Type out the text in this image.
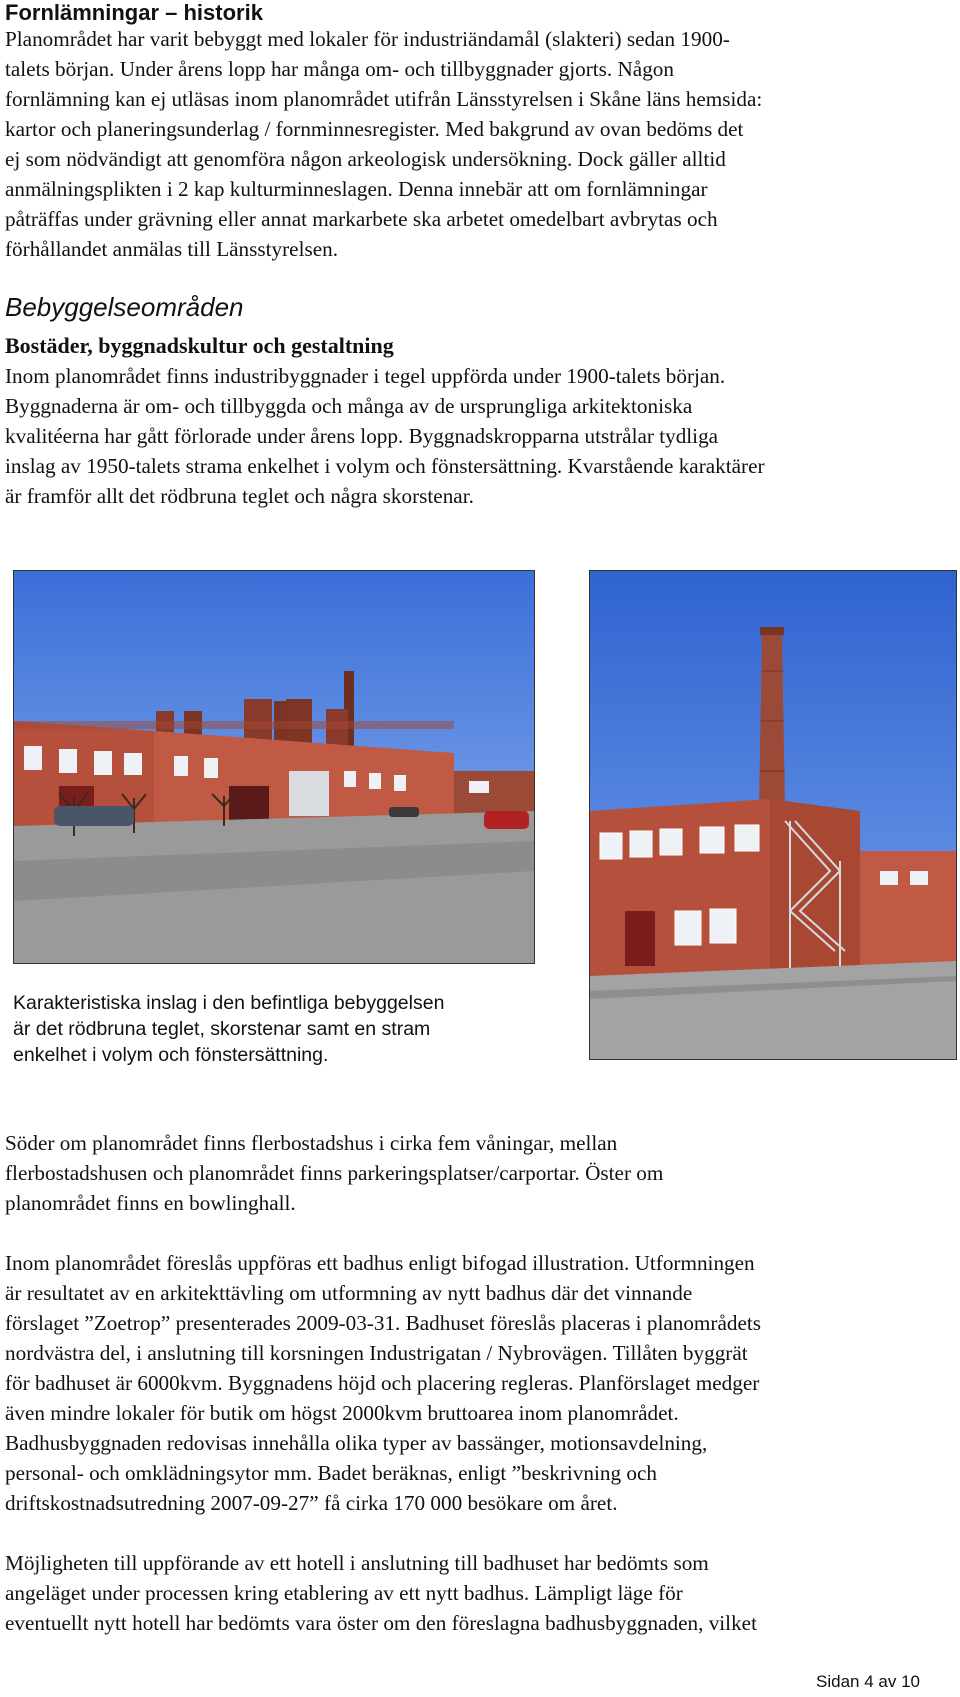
Fornlämningar – historik

Planområdet har varit bebyggt med lokaler för industriändamål (slakteri) sedan 1900-
talets början. Under årens lopp har många om- och tillbyggnader gjorts. Någon
fornlämning kan ej utläsas inom planområdet utifrån Länsstyrelsen i Skåne läns hemsida:
kartor och planeringsunderlag / fornminnesregister. Med bakgrund av ovan bedöms det
ej som nödvändigt att genomföra någon arkeologisk undersökning. Dock gäller alltid
anmälningsplikten i 2 kap kulturminneslagen. Denna innebär att om fornlämningar
påträffas under grävning eller annat markarbete ska arbetet omedelbart avbrytas och
förhållandet anmälas till Länsstyrelsen.

Bebyggelseområden
Bostäder, byggnadskultur och gestaltning

Inom planområdet finns industribyggnader i tegel uppförda under 1900-talets början.
Byggnaderna är om- och tillbyggda och många av de ursprungliga arkitektoniska
kvalitéerna har gått förlorade under årens lopp. Byggnadskropparna utstrålar tydliga
inslag av 1950-talets strama enkelhet i volym och fönstersättning. Kvarstående karaktärer
är framför allt det rödbruna teglet och några skorstenar.

Karakteristiska inslag i den befintliga bebyggelsen
är det rödbruna teglet, skorstenar samt en stram
enkelhet i volym och fönstersättning.

Söder om planområdet finns flerbostadshus i cirka fem våningar, mellan
flerbostadshusen och planområdet finns parkeringsplatser/carportar. Öster om
planområdet finns en bowlinghall.

Inom planområdet föreslås uppföras ett badhus enligt bifogad illustration. Utformningen
är resultatet av en arkitekttävling om utformning av nytt badhus där det vinnande
förslaget ”Zoetrop” presenterades 2009-03-31. Badhuset föreslås placeras i planområdets
nordvästra del, i anslutning till korsningen Industrigatan / Nybrovägen. Tillåten byggrät
för badhuset är 6000kvm. Byggnadens höjd och placering regleras. Planförslaget medger
även mindre lokaler för butik om högst 2000kvm bruttoarea inom planområdet.
Badhusbyggnaden redovisas innehålla olika typer av bassänger, motionsavdelning,
personal- och omklädningsytor mm. Badet beräknas, enligt ”beskrivning och
driftskostnadsutredning 2007-09-27” få cirka 170 000 besökare om året.

Möjligheten till uppförande av ett hotell i anslutning till badhuset har bedömts som
angeläget under processen kring etablering av ett nytt badhus. Lämpligt läge för
eventuellt nytt hotell har bedömts vara öster om den föreslagna badhusbyggnaden, vilket

Sidan 4 av 10
